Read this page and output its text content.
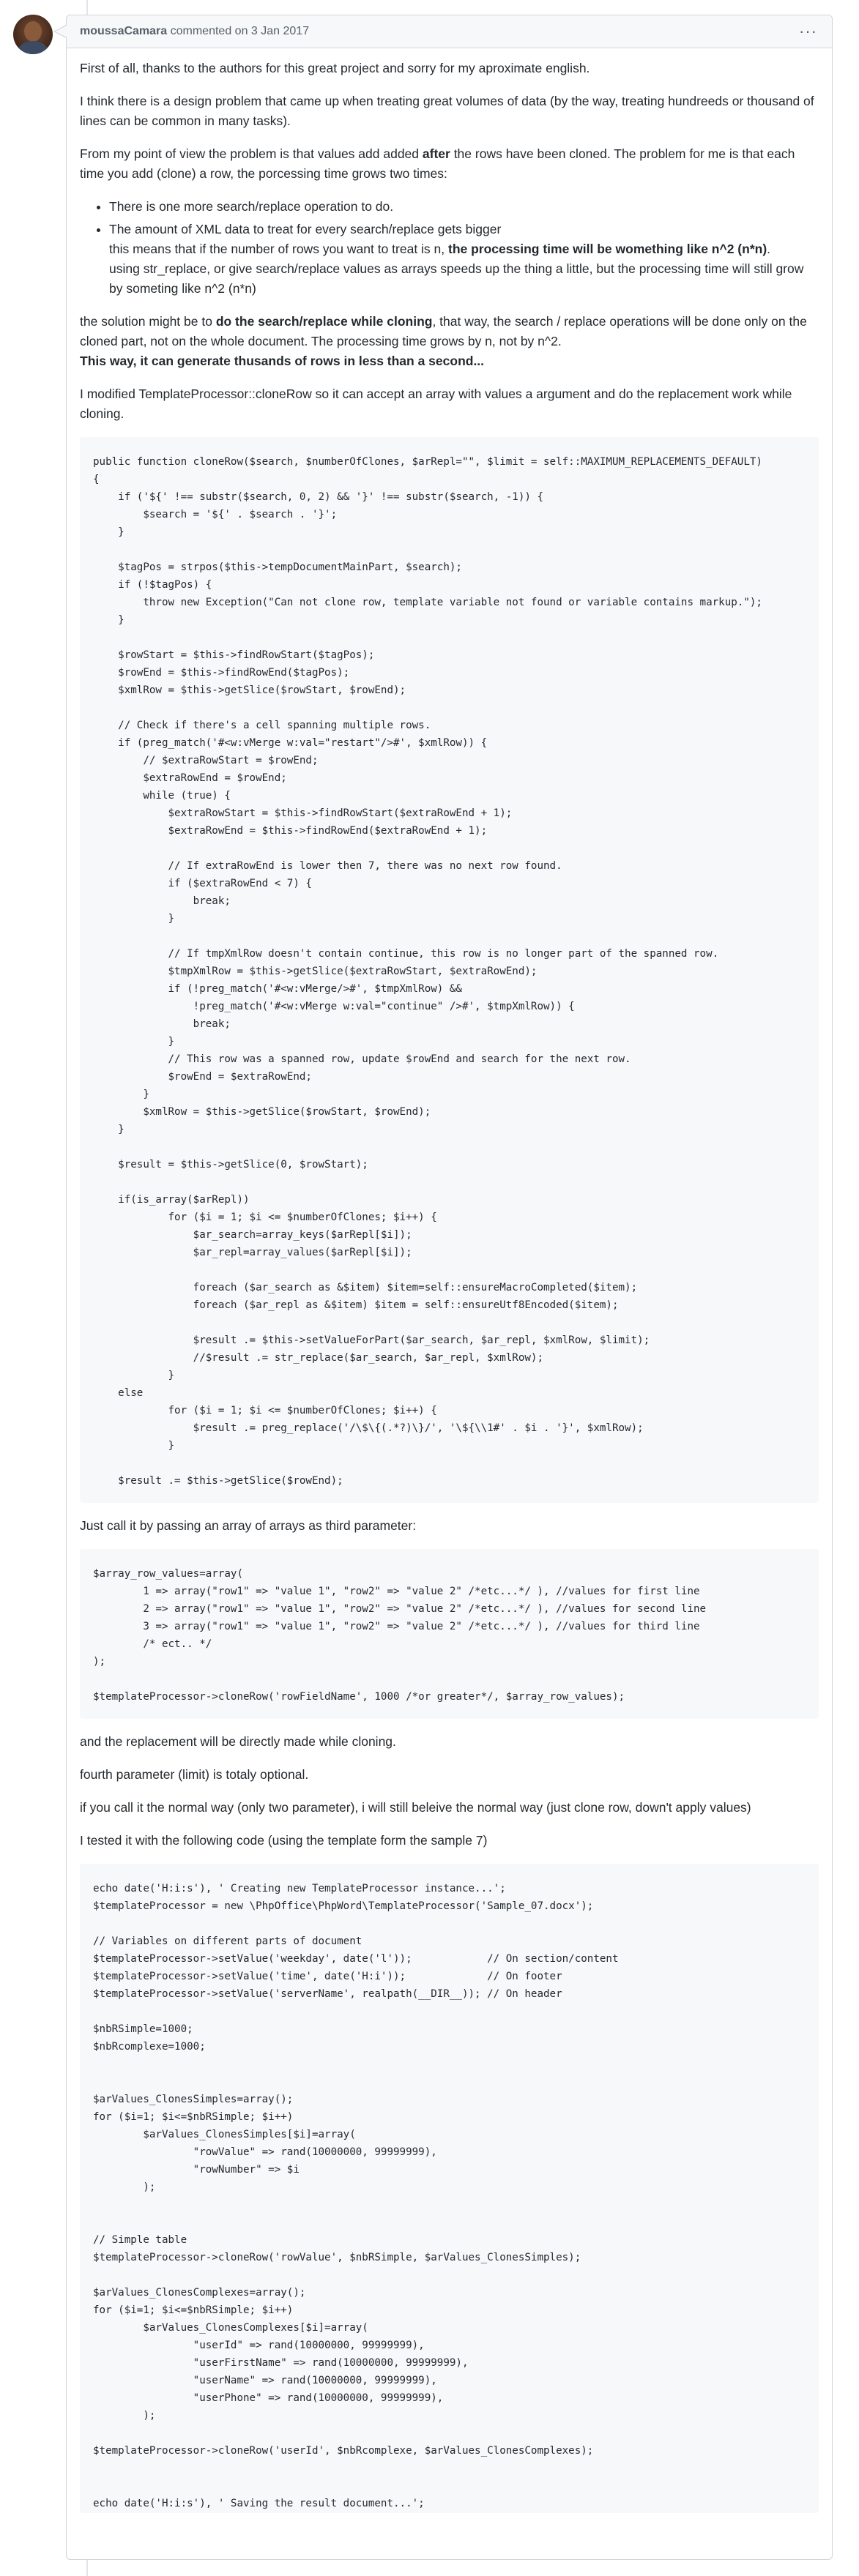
moussaCamara commented on 3 Jan 2017	···

First of all, thanks to the authors for this great project and sorry for my aproximate english.

I think there is a design problem that came up when treating great volumes of data (by the way, treating hundreeds or thousand of lines can be common in many tasks).

From my point of view the problem is that values add added after the rows have been cloned. The problem for me is that each time you add (clone) a row, the porcessing time grows two times:

• There is one more search/replace operation to do.
• The amount of XML data to treat for every search/replace gets bigger
this means that if the number of rows you want to treat is n, the processing time will be womething like n^2 (n*n).
using str_replace, or give search/replace values as arrays speeds up the thing a little, but the processing time will still grow by someting like n^2 (n*n)

the solution might be to do the search/replace while cloning, that way, the search / replace operations will be done only on the cloned part, not on the whole document. The processing time grows by n, not by n^2.
This way, it can generate thusands of rows in less than a second...

I modified TemplateProcessor::cloneRow so it can accept an array with values a argument and do the replacement work while cloning.

public function cloneRow($search, $numberOfClones, $arRepl="", $limit = self::MAXIMUM_REPLACEMENTS_DEFAULT)
{
if ('${' !== substr($search, 0, 2) && '}' !== substr($search, -1)) {
$search = '${' . $search . '}';
}

$tagPos = strpos($this->tempDocumentMainPart, $search);
if (!$tagPos) {
throw new Exception("Can not clone row, template variable not found or variable contains markup.");
}

$rowStart = $this->findRowStart($tagPos);
$rowEnd = $this->findRowEnd($tagPos);
$xmlRow = $this->getSlice($rowStart, $rowEnd);

// Check if there's a cell spanning multiple rows.
if (preg_match('#<w:vMerge w:val="restart"/>#', $xmlRow)) {
// $extraRowStart = $rowEnd;
$extraRowEnd = $rowEnd;
while (true) {
$extraRowStart = $this->findRowStart($extraRowEnd + 1);
$extraRowEnd = $this->findRowEnd($extraRowEnd + 1);

// If extraRowEnd is lower then 7, there was no next row found.
if ($extraRowEnd < 7) {
break;
}

// If tmpXmlRow doesn't contain continue, this row is no longer part of the spanned row.
$tmpXmlRow = $this->getSlice($extraRowStart, $extraRowEnd);
if (!preg_match('#<w:vMerge/>#', $tmpXmlRow) &&
!preg_match('#<w:vMerge w:val="continue" />#', $tmpXmlRow)) {
break;
}
// This row was a spanned row, update $rowEnd and search for the next row.
$rowEnd = $extraRowEnd;
}
$xmlRow = $this->getSlice($rowStart, $rowEnd);
}

$result = $this->getSlice(0, $rowStart);

if(is_array($arRepl))
for ($i = 1; $i <= $numberOfClones; $i++) {
$ar_search=array_keys($arRepl[$i]);
$ar_repl=array_values($arRepl[$i]);

foreach ($ar_search as &$item) $item=self::ensureMacroCompleted($item);
foreach ($ar_repl as &$item) $item = self::ensureUtf8Encoded($item);

$result .= $this->setValueForPart($ar_search, $ar_repl, $xmlRow, $limit);
//$result .= str_replace($ar_search, $ar_repl, $xmlRow);
}
else
for ($i = 1; $i <= $numberOfClones; $i++) {
$result .= preg_replace('/\$\{(.*?)\}/', '\${\\1#' . $i . '}', $xmlRow);
}

$result .= $this->getSlice($rowEnd);

Just call it by passing an array of arrays as third parameter:

$array_row_values=array(
1 => array("row1" => "value 1", "row2" => "value 2" /*etc...*/ ), //values for first line
2 => array("row1" => "value 1", "row2" => "value 2" /*etc...*/ ), //values for second line
3 => array("row1" => "value 1", "row2" => "value 2" /*etc...*/ ), //values for third line
/* ect.. */
);

$templateProcessor->cloneRow('rowFieldName', 1000 /*or greater*/, $array_row_values);

and the replacement will be directly made while cloning.

fourth parameter (limit) is totaly optional.

if you call it the normal way (only two parameter), i will still beleive the normal way (just clone row, down't apply values)

I tested it with the following code (using the template form the sample 7)

echo date('H:i:s'), ' Creating new TemplateProcessor instance...';
$templateProcessor = new \PhpOffice\PhpWord\TemplateProcessor('Sample_07.docx');

// Variables on different parts of document
$templateProcessor->setValue('weekday', date('l'));            // On section/content
$templateProcessor->setValue('time', date('H:i'));             // On footer
$templateProcessor->setValue('serverName', realpath(__DIR__)); // On header

$nbRSimple=1000;
$nbRcomplexe=1000;

$arValues_ClonesSimples=array();
for ($i=1; $i<=$nbRSimple; $i++)
$arValues_ClonesSimples[$i]=array(
"rowValue" => rand(10000000, 99999999),
"rowNumber" => $i
);

// Simple table
$templateProcessor->cloneRow('rowValue', $nbRSimple, $arValues_ClonesSimples);

$arValues_ClonesComplexes=array();
for ($i=1; $i<=$nbRSimple; $i++)
$arValues_ClonesComplexes[$i]=array(
"userId" => rand(10000000, 99999999),
"userFirstName" => rand(10000000, 99999999),
"userName" => rand(10000000, 99999999),
"userPhone" => rand(10000000, 99999999),
);

$templateProcessor->cloneRow('userId', $nbRcomplexe, $arValues_ClonesComplexes);

echo date('H:i:s'), ' Saving the result document...';
